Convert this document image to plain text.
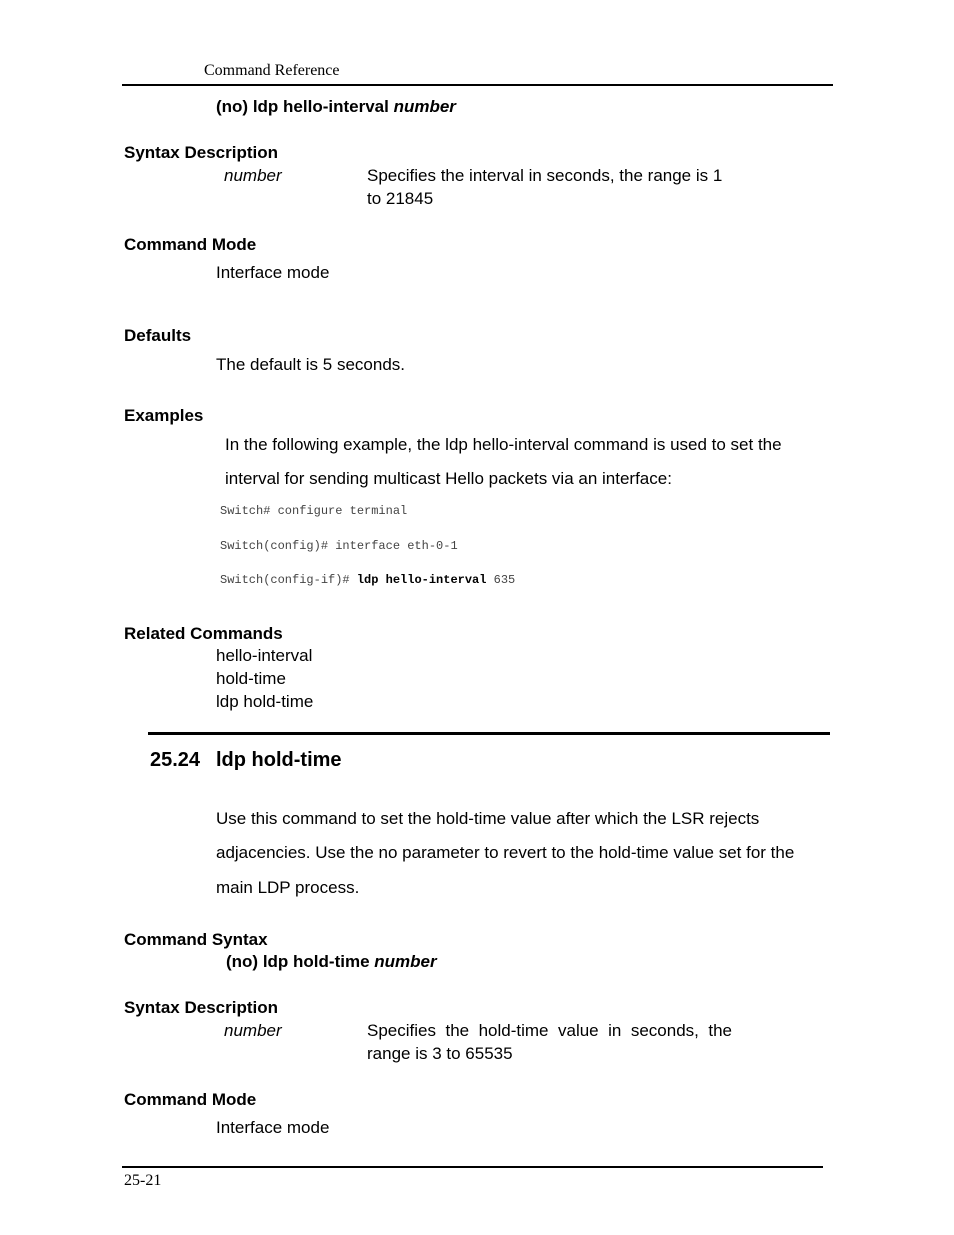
Command Reference
(no) ldp hello-interval number
Syntax Description
number	Specifies the interval in seconds, the range is 1
to 21845
Command Mode
Interface mode
Defaults
The default is 5 seconds.
Examples
In the following example, the ldp hello-interval command is used to set the
interval for sending multicast Hello packets via an interface:
Switch# configure terminal
Switch(config)# interface eth-0-1
Switch(config-if)# ldp hello-interval 635
Related Commands
hello-interval
hold-time
ldp hold-time
25.24 ldp hold-time
Use this command to set the hold-time value after which the LSR rejects
adjacencies. Use the no parameter to revert to the hold-time value set for the
main LDP process.
Command Syntax
(no) ldp hold-time number
Syntax Description
number	Specifies the hold-time value in seconds, the
range is 3 to 65535
Command Mode
Interface mode
25-21
